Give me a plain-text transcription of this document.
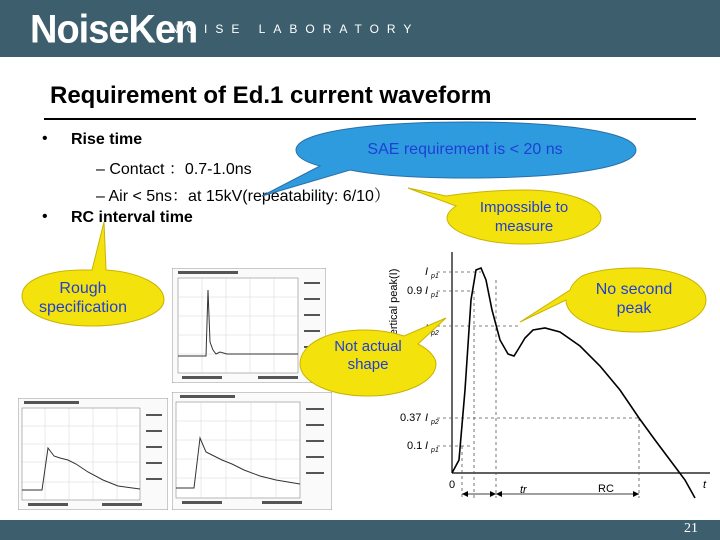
NoiseKen
NOISE LABORATORY
Requirement of Ed.1 current waveform
• Rise time
– Contact ：0.7-1.0ns
– Air < 5ns：at 15kV(repeatability: 6/10）
• RC interval time
Vertical peak(I) I p1
0.9 I p1
p2
0.37 I p2
0.1 I p1
0	tr	RC	t
SAE requirement is < 20 ns
Impossible to measure
Rough specification
No second peak
Not actual shape
21
